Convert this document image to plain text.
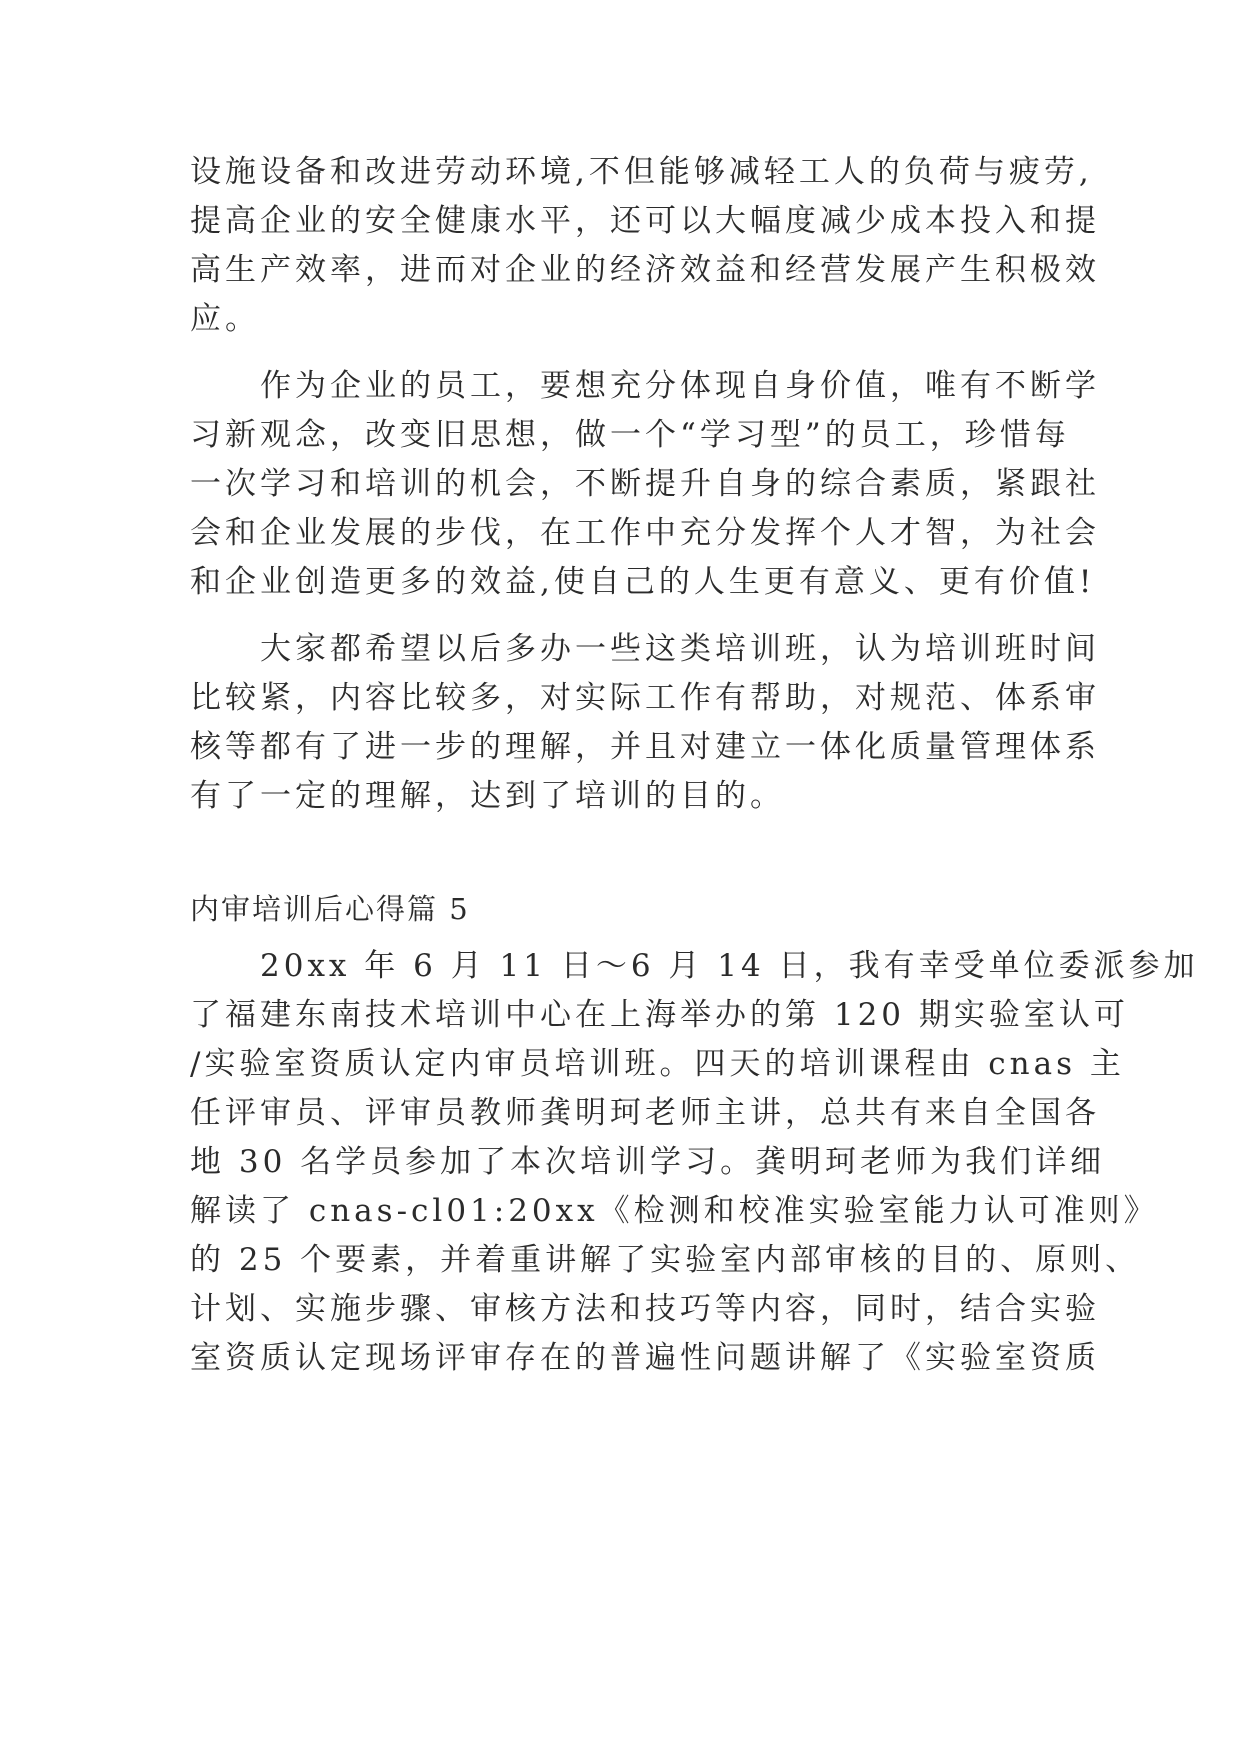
设施设备和改进劳动环境,不但能够减轻工人的负荷与疲劳,
提高企业的安全健康水平，还可以大幅度减少成本投入和提
高生产效率，进而对企业的经济效益和经营发展产生积极效
应。
　　作为企业的员工，要想充分体现自身价值，唯有不断学
习新观念，改变旧思想，做一个“学习型”的员工，珍惜每
一次学习和培训的机会，不断提升自身的综合素质，紧跟社
会和企业发展的步伐，在工作中充分发挥个人才智，为社会
和企业创造更多的效益,使自己的人生更有意义、更有价值!
　　大家都希望以后多办一些这类培训班，认为培训班时间
比较紧，内容比较多，对实际工作有帮助，对规范、体系审
核等都有了进一步的理解，并且对建立一体化质量管理体系
有了一定的理解，达到了培训的目的。
内审培训后心得篇 5
　　20xx 年 6 月 11 日～6 月 14 日，我有幸受单位委派参加
了福建东南技术培训中心在上海举办的第 120 期实验室认可
/实验室资质认定内审员培训班。四天的培训课程由 cnas 主
任评审员、评审员教师龚明珂老师主讲，总共有来自全国各
地 30 名学员参加了本次培训学习。龚明珂老师为我们详细
解读了 cnas-cl01:20xx《检测和校准实验室能力认可准则》
的 25 个要素，并着重讲解了实验室内部审核的目的、原则、
计划、实施步骤、审核方法和技巧等内容，同时，结合实验
室资质认定现场评审存在的普遍性问题讲解了《实验室资质
